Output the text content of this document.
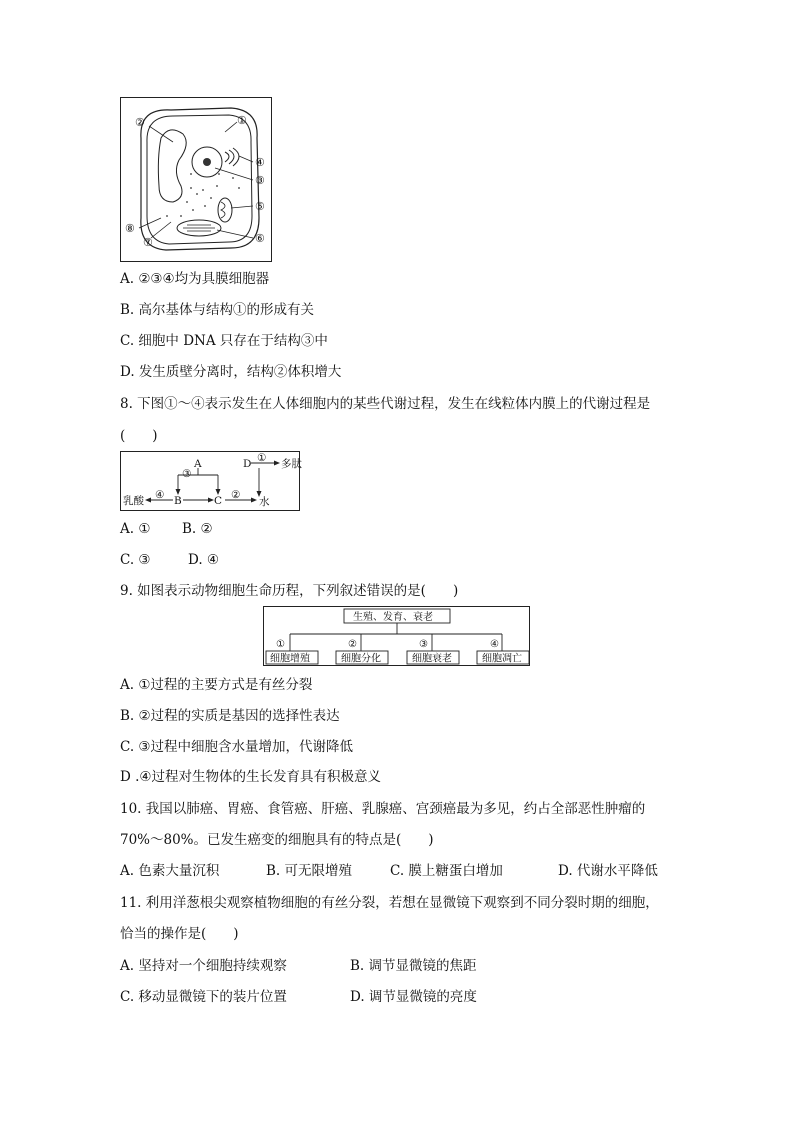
②	①
④
③
⑤
⑥
⑧
⑦
A. ②③④均为具膜细胞器
B. 高尔基体与结构①的形成有关
C. 细胞中 DNA 只存在于结构③中
D. 发生质壁分离时，结构②体积增大
8. 下图①～④表示发生在人体细胞内的某些代谢过程，发生在线粒体内膜上的代谢过程是
(　　)
A
③
B	C
乳酸 ④	②
水
D ① 多肽
A. ① B. ②
C. ③	D. ④
9. 如图表示动物细胞生命历程，下列叙述错误的是(　　)
生殖、发育、衰老
①	②	③	④
细胞增殖	细胞分化	细胞衰老	细胞凋亡
A. ①过程的主要方式是有丝分裂
B. ②过程的实质是基因的选择性表达
C. ③过程中细胞含水量增加，代谢降低
D .④过程对生物体的生长发育具有积极意义
10. 我国以肺癌、胃癌、食管癌、肝癌、乳腺癌、宫颈癌最为多见，约占全部恶性肿瘤的
70%～80%。已发生癌变的细胞具有的特点是(　　)
A. 色素大量沉积	B. 可无限增殖	C. 膜上糖蛋白增加	D. 代谢水平降低
11. 利用洋葱根尖观察植物细胞的有丝分裂，若想在显微镜下观察到不同分裂时期的细胞，
恰当的操作是(　　)
A. 坚持对一个细胞持续观察	B. 调节显微镜的焦距
C. 移动显微镜下的装片位置	D. 调节显微镜的亮度
